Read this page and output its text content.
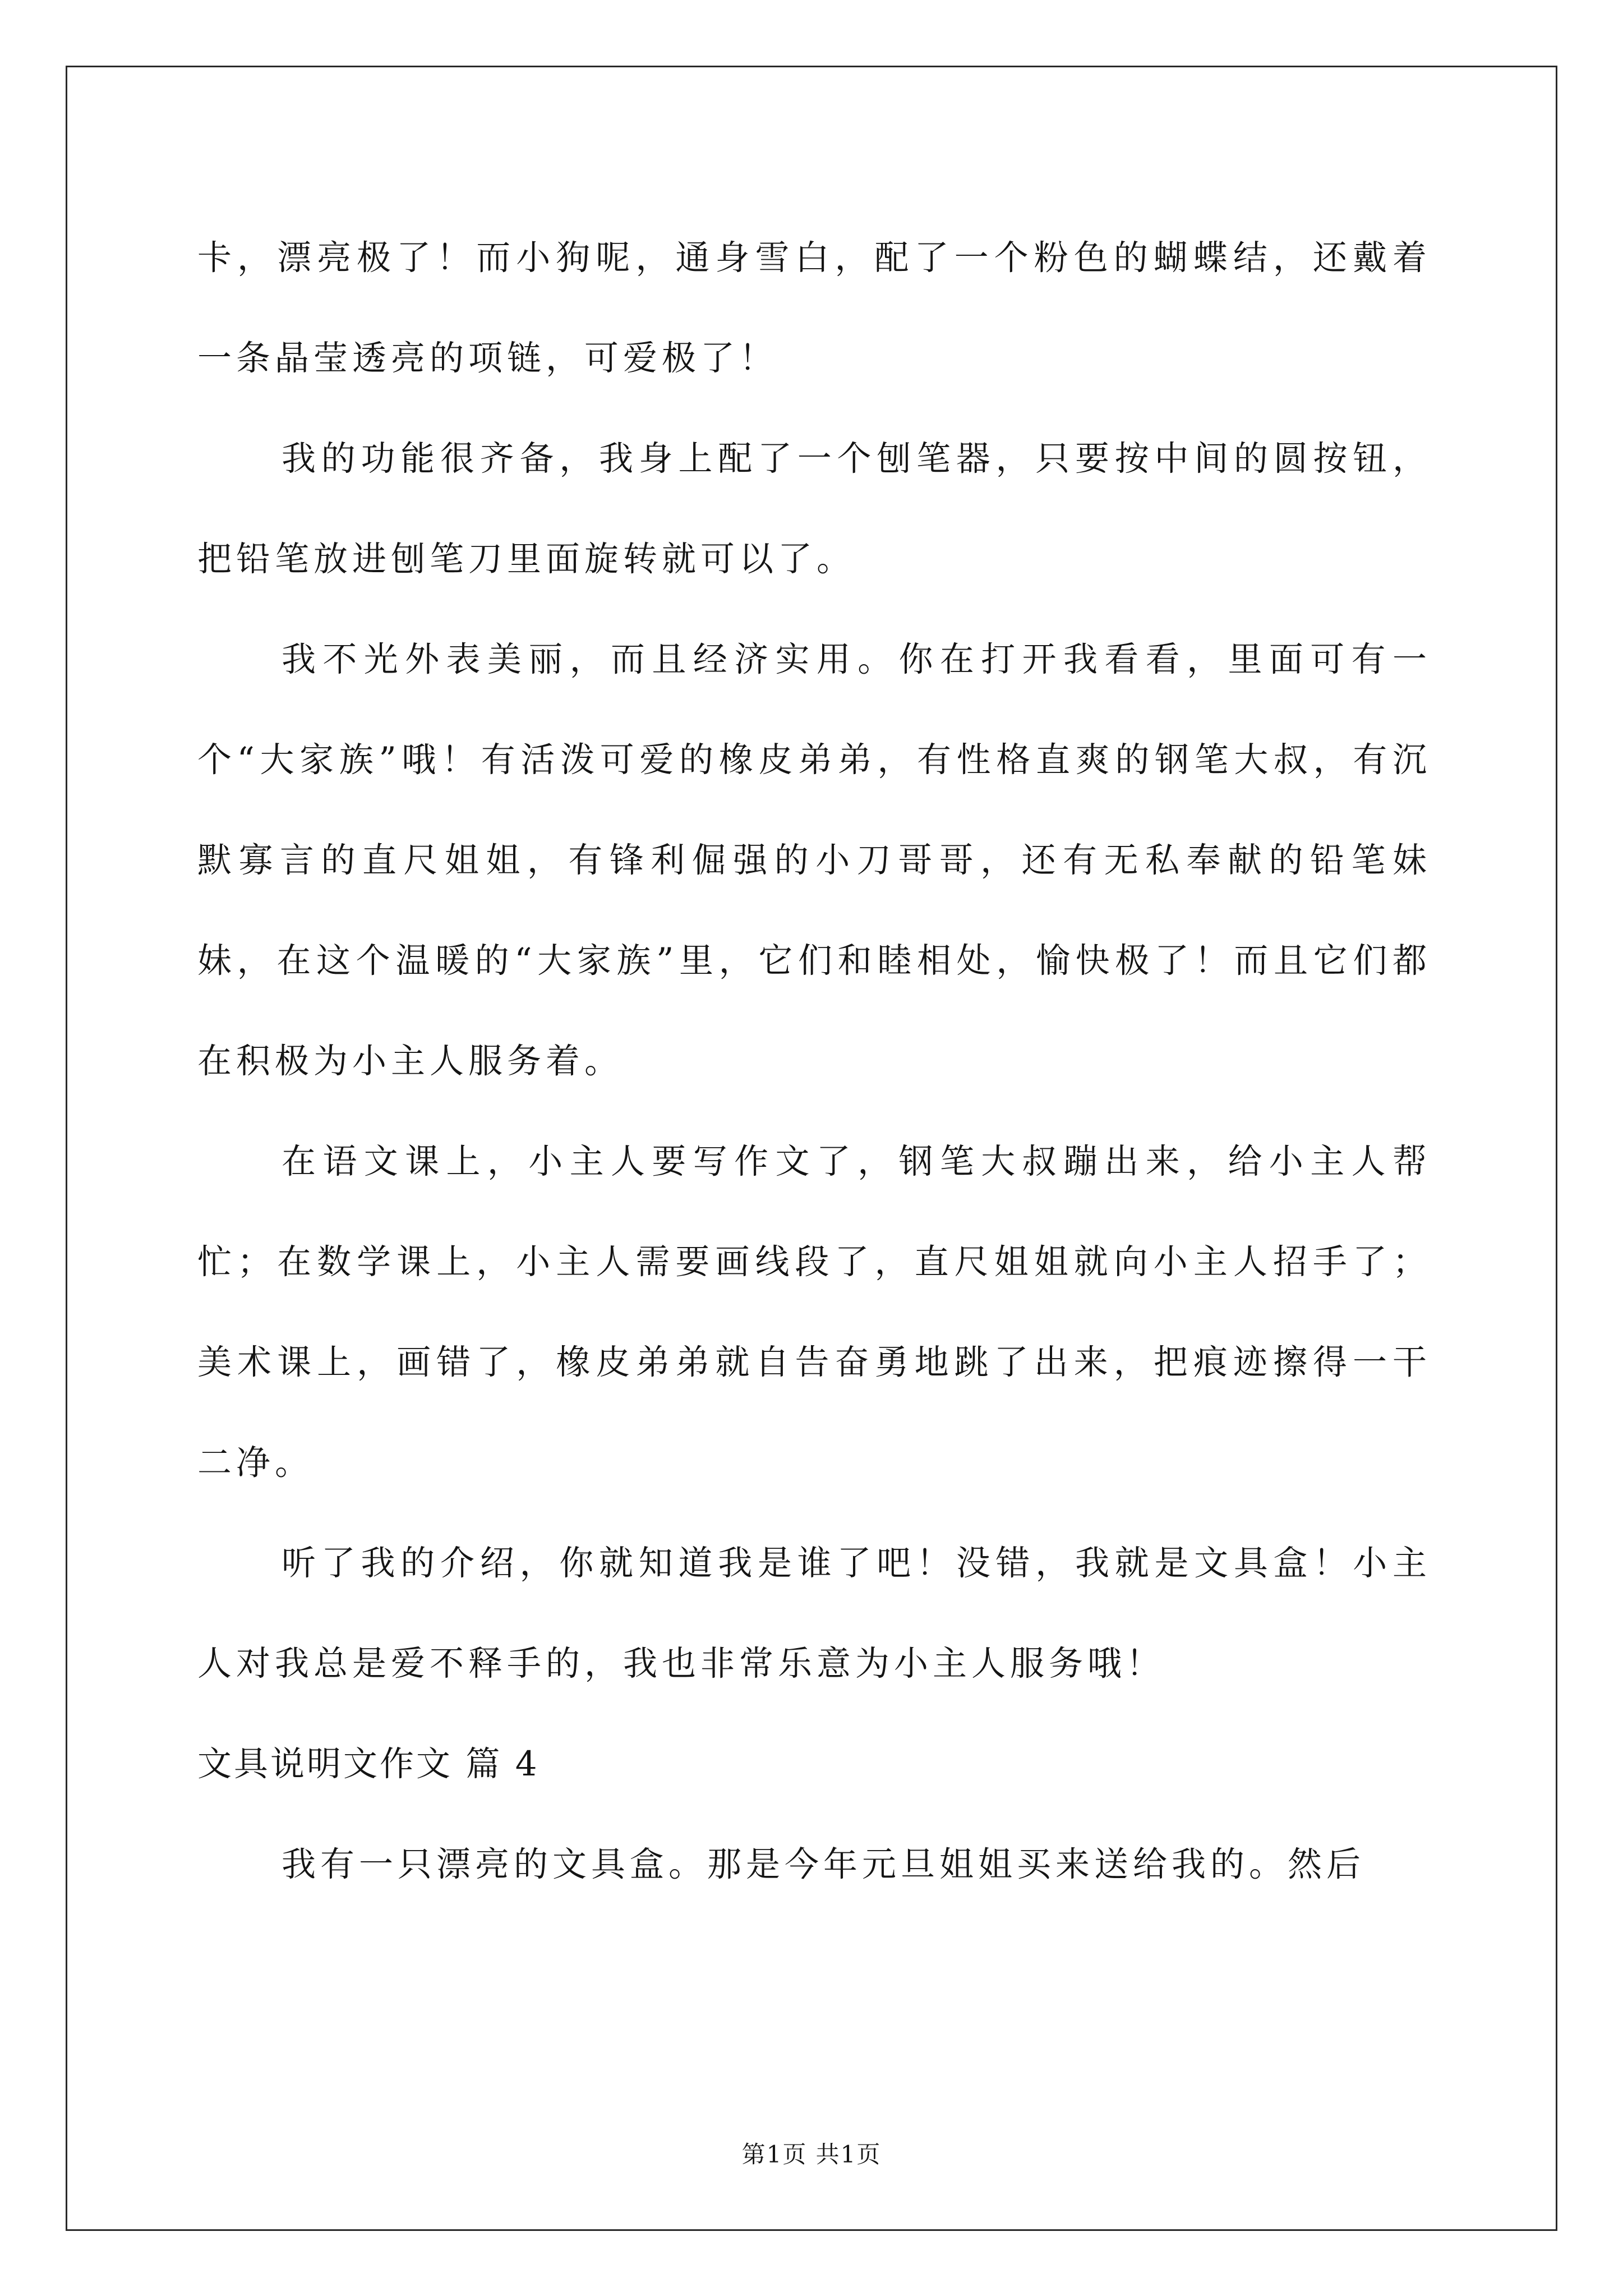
卡，漂亮极了！而小狗呢，通身雪白，配了一个粉色的蝴蝶结，还戴着一条晶莹透亮的项链，可爱极了！

我的功能很齐备，我身上配了一个刨笔器，只要按中间的圆按钮，把铅笔放进刨笔刀里面旋转就可以了。

我不光外表美丽，而且经济实用。你在打开我看看，里面可有一个“大家族”哦！有活泼可爱的橡皮弟弟，有性格直爽的钢笔大叔，有沉默寡言的直尺姐姐，有锋利倔强的小刀哥哥，还有无私奉献的铅笔妹妹，在这个温暖的“大家族”里，它们和睦相处，愉快极了！而且它们都在积极为小主人服务着。

在语文课上，小主人要写作文了，钢笔大叔蹦出来，给小主人帮忙；在数学课上，小主人需要画线段了，直尺姐姐就向小主人招手了；美术课上，画错了，橡皮弟弟就自告奋勇地跳了出来，把痕迹擦得一干二净。

听了我的介绍，你就知道我是谁了吧！没错，我就是文具盒！小主人对我总是爱不释手的，我也非常乐意为小主人服务哦！

文具说明文作文 篇 4

我有一只漂亮的文具盒。那是今年元旦姐姐买来送给我的。然后

第1页 共1页
